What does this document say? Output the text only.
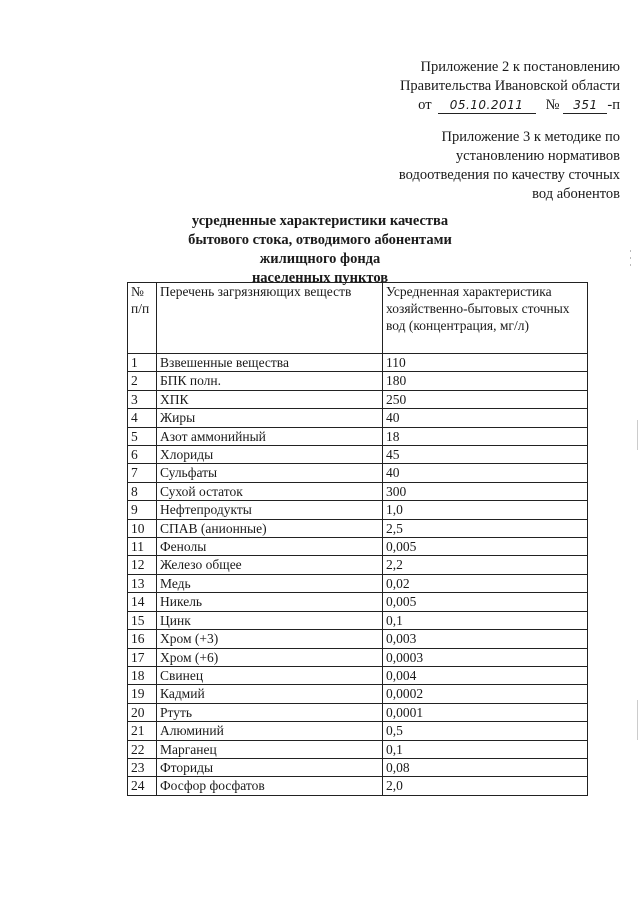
Приложение 2 к постановлению
Правительства Ивановской области
от 05.10.2011 № 351 -п
Приложение 3 к методике по
установлению нормативов
водоотведения по качеству сточных
вод абонентов
усредненные характеристики качества
бытового стока, отводимого абонентами жилищного фонда
населенных пунктов
№ п/п	Перечень загрязняющих веществ	Усредненная характеристика хозяйственно-бытовых сточных вод (концентрация, мг/л)
1	Взвешенные вещества	110
2	БПК полн.	180
3	ХПК	250
4	Жиры	40
5	Азот аммонийный	18
6	Хлориды	45
7	Сульфаты	40
8	Сухой остаток	300
9	Нефтепродукты	1,0
10	СПАВ (анионные)	2,5
11	Фенолы	0,005
12	Железо общее	2,2
13	Медь	0,02
14	Никель	0,005
15	Цинк	0,1
16	Хром (+3)	0,003
17	Хром (+6)	0,0003
18	Свинец	0,004
19	Кадмий	0,0002
20	Ртуть	0,0001
21	Алюминий	0,5
22	Марганец	0,1
23	Фториды	0,08
24	Фосфор фосфатов	2,0
